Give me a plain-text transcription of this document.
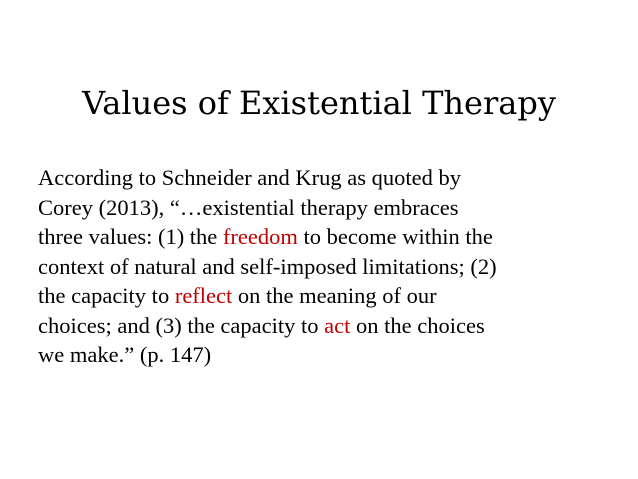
Values of Existential Therapy
According to Schneider and Krug as quoted by
Corey (2013), “…existential therapy embraces
three values: (1) the freedom to become within the
context of natural and self-imposed limitations; (2)
the capacity to reflect on the meaning of our
choices; and (3) the capacity to act on the choices
we make.” (p. 147)
